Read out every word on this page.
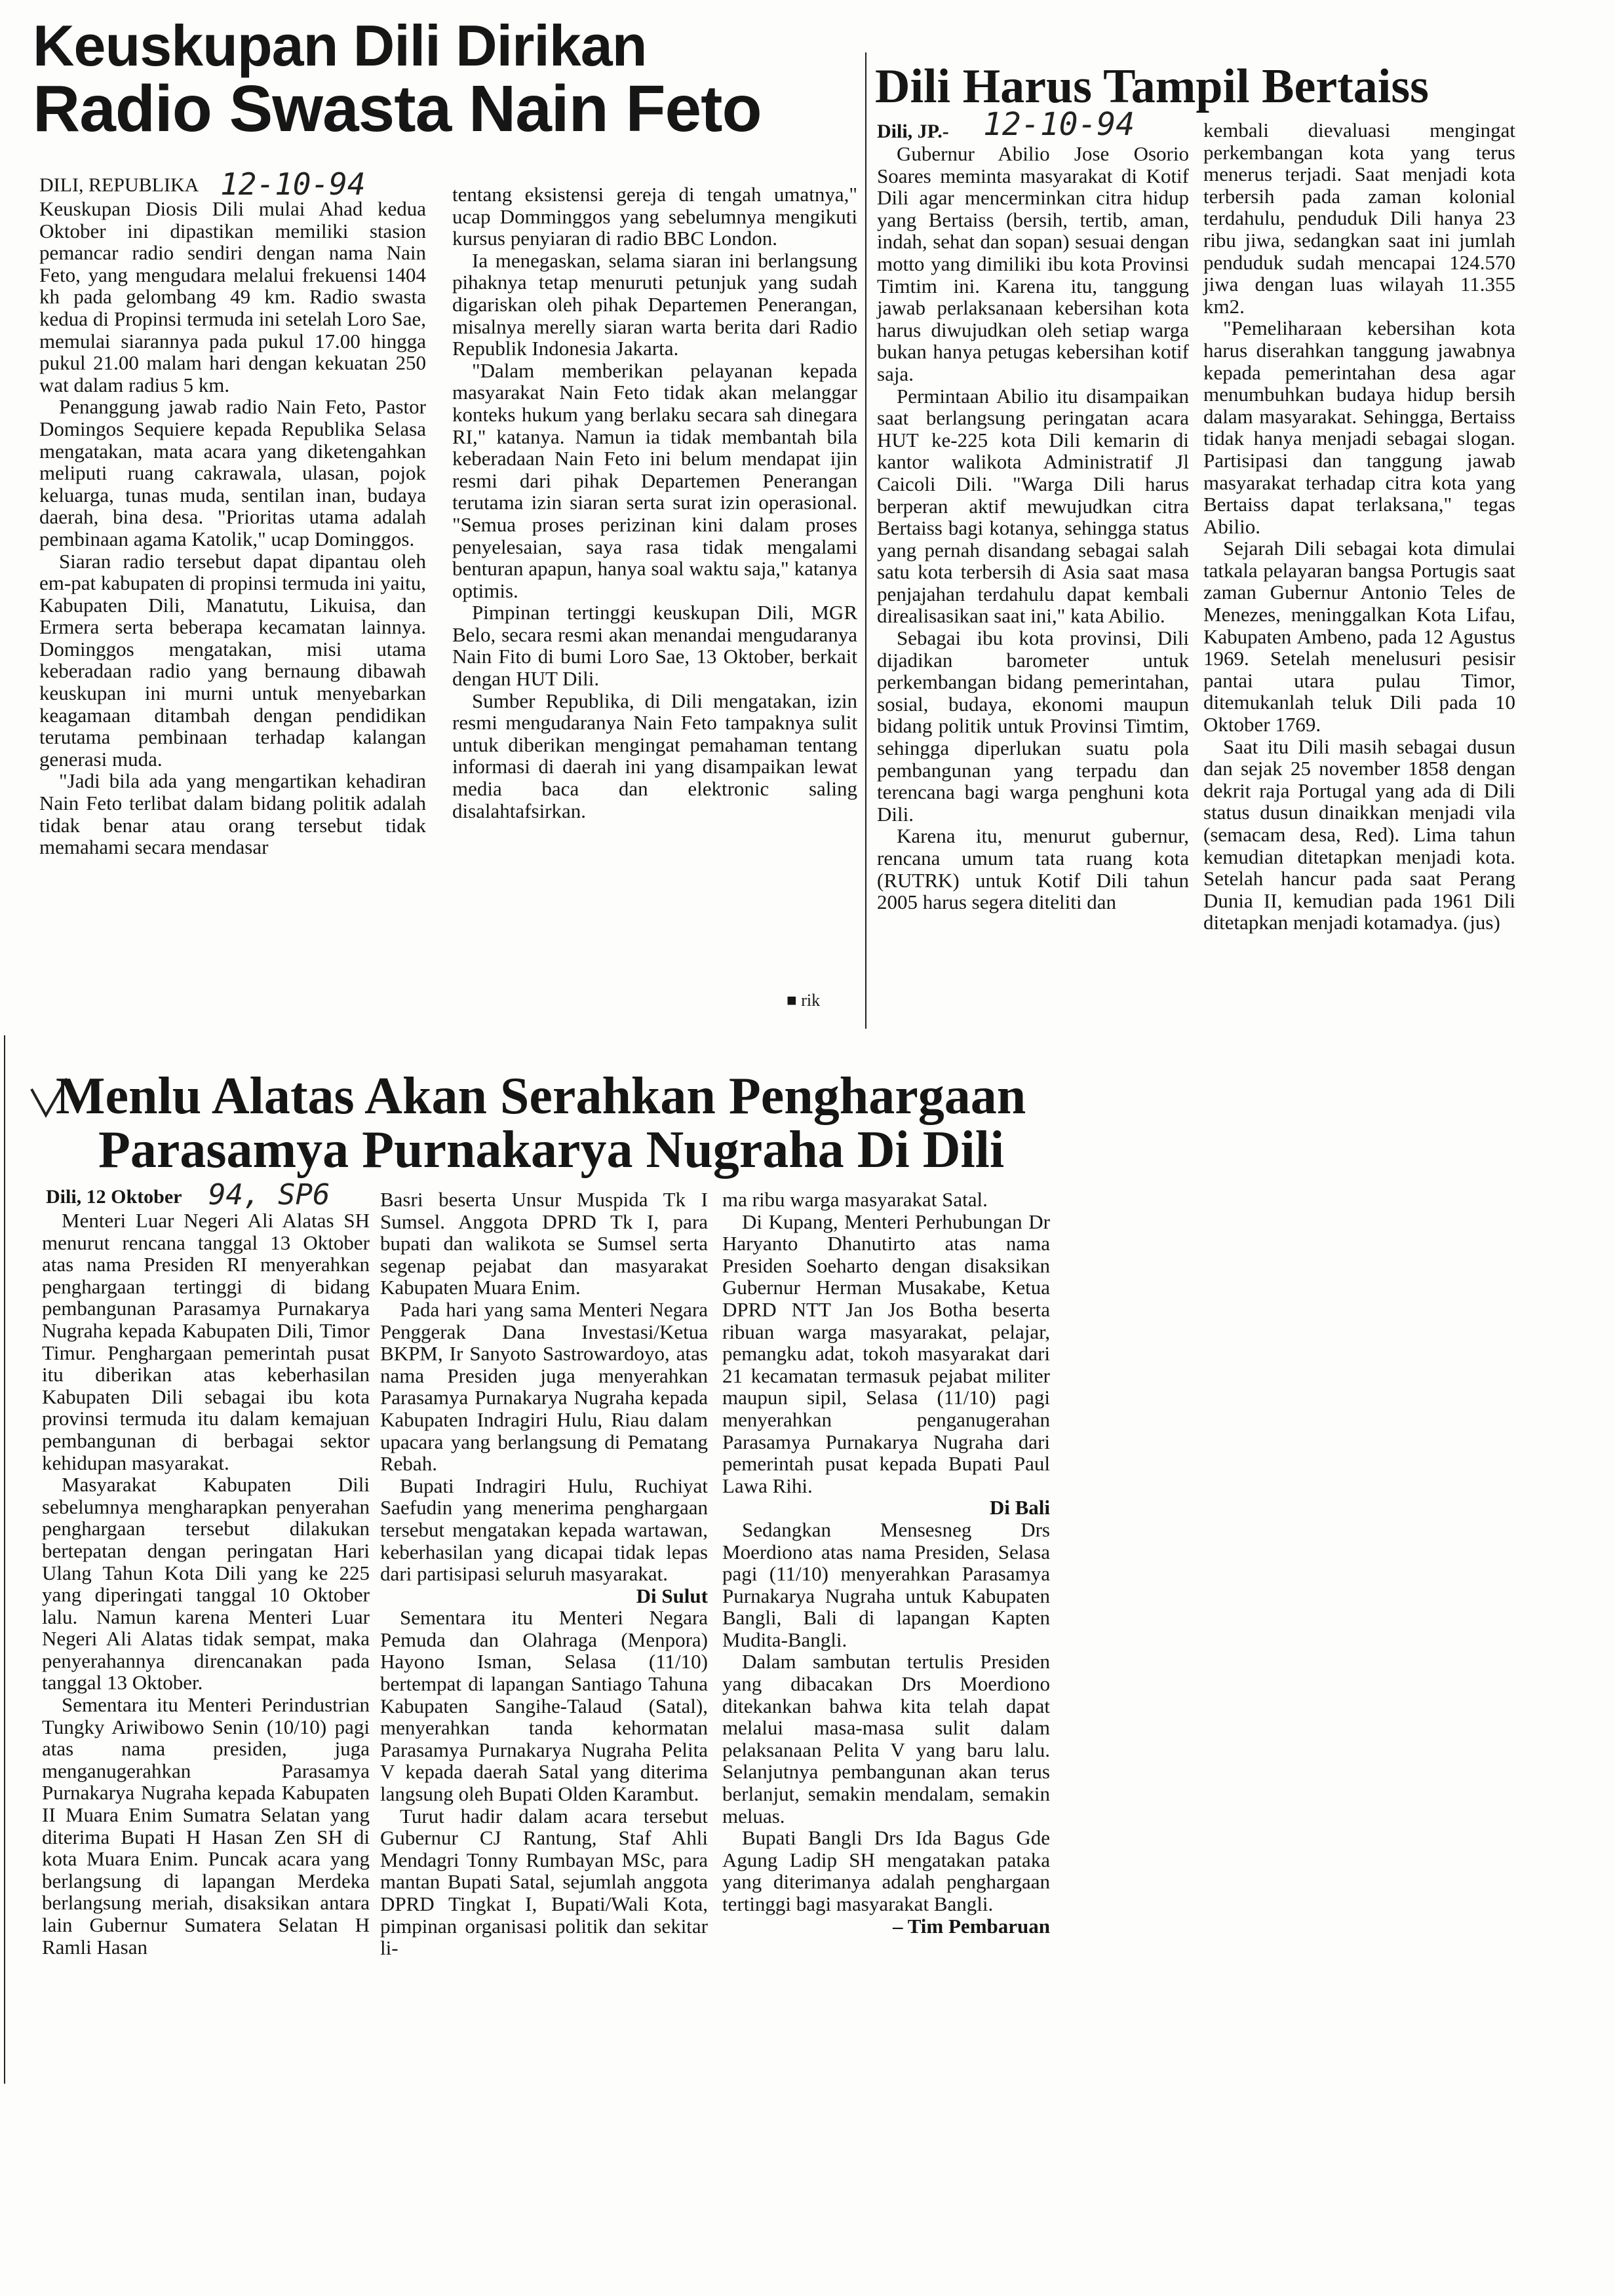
Keuskupan Dili Dirikan
Radio Swasta Nain Feto
DILI, REPUBLIKA 12-10-94

Keuskupan Diosis Dili mulai Ahad kedua Oktober ini dipastikan memiliki stasion pemancar radio sendiri dengan nama Nain Feto, yang mengudara melalui frekuensi 1404 kh pada gelombang 49 km. Radio swasta kedua di Propinsi termuda ini setelah Loro Sae, memulai siarannya pada pukul 17.00 hingga pukul 21.00 malam hari dengan kekuatan 250 wat dalam radius 5 km.

Penanggung jawab radio Nain Feto, Pastor Domingos Sequiere kepada Republika Selasa mengatakan, mata acara yang diketengahkan meliputi ruang cakrawala, ulasan, pojok keluarga, tunas muda, sentilan inan, budaya daerah, bina desa. "Prioritas utama adalah pembinaan agama Katolik," ucap Dominggos.

Siaran radio tersebut dapat dipantau oleh em-pat kabupaten di propinsi termuda ini yaitu, Kabupaten Dili, Manatutu, Likuisa, dan Ermera serta beberapa kecamatan lainnya. Dominggos mengatakan, misi utama keberadaan radio yang bernaung dibawah keuskupan ini murni untuk menyebarkan keagamaan ditambah dengan pendidikan terutama pembinaan terhadap kalangan generasi muda.

"Jadi bila ada yang mengartikan kehadiran Nain Feto terlibat dalam bidang politik adalah tidak benar atau orang tersebut tidak memahami secara mendasar

tentang eksistensi gereja di tengah umatnya," ucap Domminggos yang sebelumnya mengikuti kursus penyiaran di radio BBC London.

Ia menegaskan, selama siaran ini berlangsung pihaknya tetap menuruti petunjuk yang sudah digariskan oleh pihak Departemen Penerangan, misalnya merelly siaran warta berita dari Radio Republik Indonesia Jakarta.

"Dalam memberikan pelayanan kepada masyarakat Nain Feto tidak akan melanggar konteks hukum yang berlaku secara sah dinegara RI," katanya. Namun ia tidak membantah bila keberadaan Nain Feto ini belum mendapat ijin resmi dari pihak Departemen Penerangan terutama izin siaran serta surat izin operasional. "Semua proses perizinan kini dalam proses penyelesaian, saya rasa tidak mengalami benturan apapun, hanya soal waktu saja," katanya optimis.

Pimpinan tertinggi keuskupan Dili, MGR Belo, secara resmi akan menandai mengudaranya Nain Fito di bumi Loro Sae, 13 Oktober, berkait dengan HUT Dili.

Sumber Republika, di Dili mengatakan, izin resmi mengudaranya Nain Feto tampaknya sulit untuk diberikan mengingat pemahaman tentang informasi di daerah ini yang disampaikan lewat media baca dan elektronic saling disalahtafsirkan.

■ rik
Dili Harus Tampil Bertaiss
Dili, JP.- 12-10-94

Gubernur Abilio Jose Osorio Soares meminta masyarakat di Kotif Dili agar mencerminkan citra hidup yang Bertaiss (bersih, tertib, aman, indah, sehat dan sopan) sesuai dengan motto yang dimiliki ibu kota Provinsi Timtim ini. Karena itu, tanggung jawab perlaksanaan kebersihan kota harus diwujudkan oleh setiap warga bukan hanya petugas kebersihan kotif saja.

Permintaan Abilio itu disampaikan saat berlangsung peringatan acara HUT ke-225 kota Dili kemarin di kantor walikota Administratif Jl Caicoli Dili. "Warga Dili harus berperan aktif mewujudkan citra Bertaiss bagi kotanya, sehingga status yang pernah disandang sebagai salah satu kota terbersih di Asia saat masa penjajahan terdahulu dapat kembali direalisasikan saat ini," kata Abilio.

Sebagai ibu kota provinsi, Dili dijadikan barometer untuk perkembangan bidang pemerintahan, sosial, budaya, ekonomi maupun bidang politik untuk Provinsi Timtim, sehingga diperlukan suatu pola pembangunan yang terpadu dan terencana bagi warga penghuni kota Dili.

Karena itu, menurut gubernur, rencana umum tata ruang kota (RUTRK) untuk Kotif Dili tahun 2005 harus segera diteliti dan

kembali dievaluasi mengingat perkembangan kota yang terus menerus terjadi. Saat menjadi kota terbersih pada zaman kolonial terdahulu, penduduk Dili hanya 23 ribu jiwa, sedangkan saat ini jumlah penduduk sudah mencapai 124.570 jiwa dengan luas wilayah 11.355 km2.

"Pemeliharaan kebersihan kota harus diserahkan tanggung jawabnya kepada pemerintahan desa agar menumbuhkan budaya hidup bersih dalam masyarakat. Sehingga, Bertaiss tidak hanya menjadi sebagai slogan. Partisipasi dan tanggung jawab masyarakat terhadap citra kota yang Bertaiss dapat terlaksana," tegas Abilio.

Sejarah Dili sebagai kota dimulai tatkala pelayaran bangsa Portugis saat zaman Gubernur Antonio Teles de Menezes, meninggalkan Kota Lifau, Kabupaten Ambeno, pada 12 Agustus 1969. Setelah menelusuri pesisir pantai utara pulau Timor, ditemukanlah teluk Dili pada 10 Oktober 1769.

Saat itu Dili masih sebagai dusun dan sejak 25 november 1858 dengan dekrit raja Portugal yang ada di Dili status dusun dinaikkan menjadi vila (semacam desa, Red). Lima tahun kemudian ditetapkan menjadi kota. Setelah hancur pada saat Perang Dunia II, kemudian pada 1961 Dili ditetapkan menjadi kotamadya. (jus)

Menlu Alatas Akan Serahkan Penghargaan
Parasamya Purnakarya Nugraha Di Dili
Dili, 12 Oktober 94, SP6

Menteri Luar Negeri Ali Alatas SH menurut rencana tanggal 13 Oktober atas nama Presiden RI menyerahkan penghargaan tertinggi di bidang pembangunan Parasamya Purnakarya Nugraha kepada Kabupaten Dili, Timor Timur. Penghargaan pemerintah pusat itu diberikan atas keberhasilan Kabupaten Dili sebagai ibu kota provinsi termuda itu dalam kemajuan pembangunan di berbagai sektor kehidupan masyarakat.

Masyarakat Kabupaten Dili sebelumnya mengharapkan penyerahan penghargaan tersebut dilakukan bertepatan dengan peringatan Hari Ulang Tahun Kota Dili yang ke 225 yang diperingati tanggal 10 Oktober lalu. Namun karena Menteri Luar Negeri Ali Alatas tidak sempat, maka penyerahannya direncanakan pada tanggal 13 Oktober.

Sementara itu Menteri Perindustrian Tungky Ariwibowo Senin (10/10) pagi atas nama presiden, juga menganugerahkan Parasamya Purnakarya Nugraha kepada Kabupaten II Muara Enim Sumatra Selatan yang diterima Bupati H Hasan Zen SH di kota Muara Enim. Puncak acara yang berlangsung di lapangan Merdeka berlangsung meriah, disaksikan antara lain Gubernur Sumatera Selatan H Ramli Hasan

Basri beserta Unsur Muspida Tk I Sumsel. Anggota DPRD Tk I, para bupati dan walikota se Sumsel serta segenap pejabat dan masyarakat Kabupaten Muara Enim.

Pada hari yang sama Menteri Negara Penggerak Dana Investasi/Ketua BKPM, Ir Sanyoto Sastrowardoyo, atas nama Presiden juga menyerahkan Parasamya Purnakarya Nugraha kepada Kabupaten Indragiri Hulu, Riau dalam upacara yang berlangsung di Pematang Rebah.

Bupati Indragiri Hulu, Ruchiyat Saefudin yang menerima penghargaan tersebut mengatakan kepada wartawan, keberhasilan yang dicapai tidak lepas dari partisipasi seluruh masyarakat.

Di Sulut

Sementara itu Menteri Negara Pemuda dan Olahraga (Menpora) Hayono Isman, Selasa (11/10) bertempat di lapangan Santiago Tahuna Kabupaten Sangihe-Talaud (Satal), menyerahkan tanda kehormatan Parasamya Purnakarya Nugraha Pelita V kepada daerah Satal yang diterima langsung oleh Bupati Olden Karambut.

Turut hadir dalam acara tersebut Gubernur CJ Rantung, Staf Ahli Mendagri Tonny Rumbayan MSc, para mantan Bupati Satal, sejumlah anggota DPRD Tingkat I, Bupati/Wali Kota, pimpinan organisasi politik dan sekitar li-

ma ribu warga masyarakat Satal.

Di Kupang, Menteri Perhubungan Dr Haryanto Dhanutirto atas nama Presiden Soeharto dengan disaksikan Gubernur Herman Musakabe, Ketua DPRD NTT Jan Jos Botha beserta ribuan warga masyarakat, pelajar, pemangku adat, tokoh masyarakat dari 21 kecamatan termasuk pejabat militer maupun sipil, Selasa (11/10) pagi menyerahkan penganugerahan Parasamya Purnakarya Nugraha dari pemerintah pusat kepada Bupati Paul Lawa Rihi.

Di Bali

Sedangkan Mensesneg Drs Moerdiono atas nama Presiden, Selasa pagi (11/10) menyerahkan Parasamya Purnakarya Nugraha untuk Kabupaten Bangli, Bali di lapangan Kapten Mudita-Bangli.

Dalam sambutan tertulis Presiden yang dibacakan Drs Moerdiono ditekankan bahwa kita telah dapat melalui masa-masa sulit dalam pelaksanaan Pelita V yang baru lalu. Selanjutnya pembangunan akan terus berlanjut, semakin mendalam, semakin meluas.

Bupati Bangli Drs Ida Bagus Gde Agung Ladip SH mengatakan pataka yang diterimanya adalah penghargaan tertinggi bagi masyarakat Bangli.

– Tim Pembaruan
